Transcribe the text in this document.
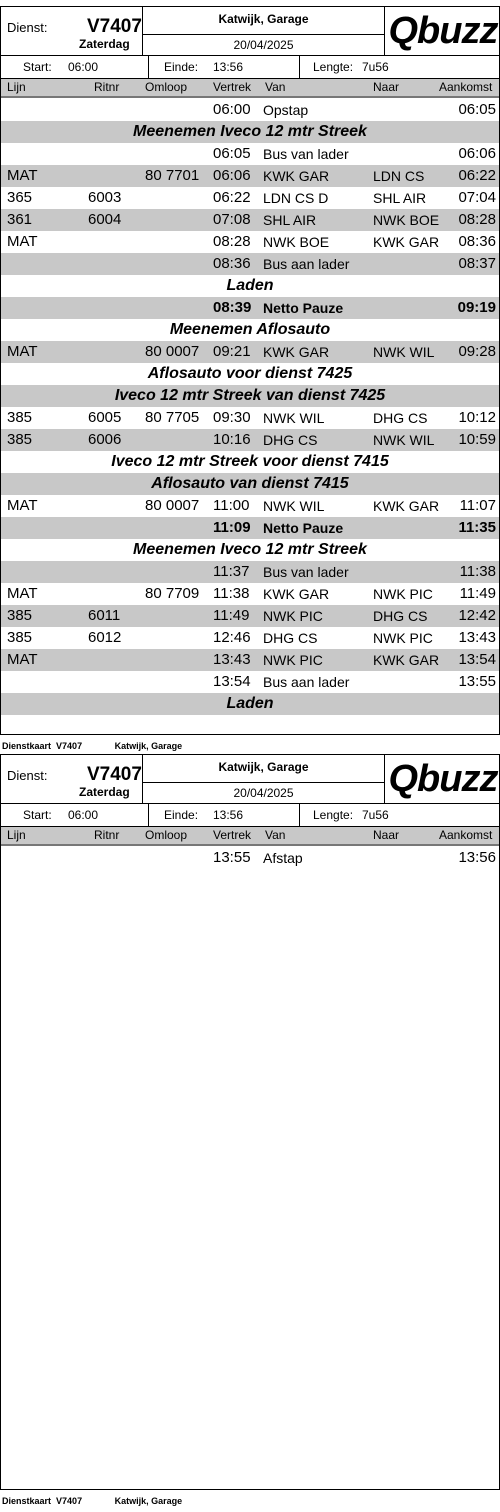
Dienst: V7407
Zaterdag
Katwijk, Garage
20/04/2025	Qbuzz
Start: 06:00	Einde: 13:56	Lengte: 7u56
Lijn	Ritnr Omloop Vertrek Van	Naar	Aankomst
06:00 Opstap	06:05
Meenemen Iveco 12 mtr Streek
06:05 Bus van lader	06:06
MAT	80 7701 06:06 KWK GAR	LDN CS 06:22
365	6003	06:22 LDN CS D	SHL AIR 07:04
361	6004	07:08 SHL AIR	NWK BOE 08:28
MAT	08:28 NWK BOE	KWK GAR 08:36
08:36 Bus aan lader	08:37
Laden
08:39 Netto Pauze	09:19
Meenemen Aflosauto
MAT	80 0007 09:21 KWK GAR	NWK WIL 09:28
Aflosauto voor dienst 7425
Iveco 12 mtr Streek van dienst 7425
385	6005 80 7705 09:30 NWK WIL	DHG CS 10:12
385	6006	10:16 DHG CS	NWK WIL 10:59
Iveco 12 mtr Streek voor dienst 7415
Aflosauto van dienst 7415
MAT	80 0007 11:00 NWK WIL	KWK GAR 11:07
11:09 Netto Pauze	11:35
Meenemen Iveco 12 mtr Streek
11:37 Bus van lader	11:38
MAT	80 7709 11:38 KWK GAR	NWK PIC 11:49
385	6011	11:49 NWK PIC	DHG CS 12:42
385	6012	12:46 DHG CS	NWK PIC 13:43
MAT	13:43 NWK PIC	KWK GAR 13:54
13:54 Bus aan lader	13:55
Laden
Dienstkaart V7407	Katwijk, Garage
Dienst: V7407
Zaterdag
Katwijk, Garage
20/04/2025	Qbuzz
Start: 06:00	Einde: 13:56	Lengte: 7u56
Lijn	Ritnr Omloop Vertrek Van	Naar	Aankomst
13:55 Afstap	13:56
Dienstkaart V7407	Katwijk, Garage
